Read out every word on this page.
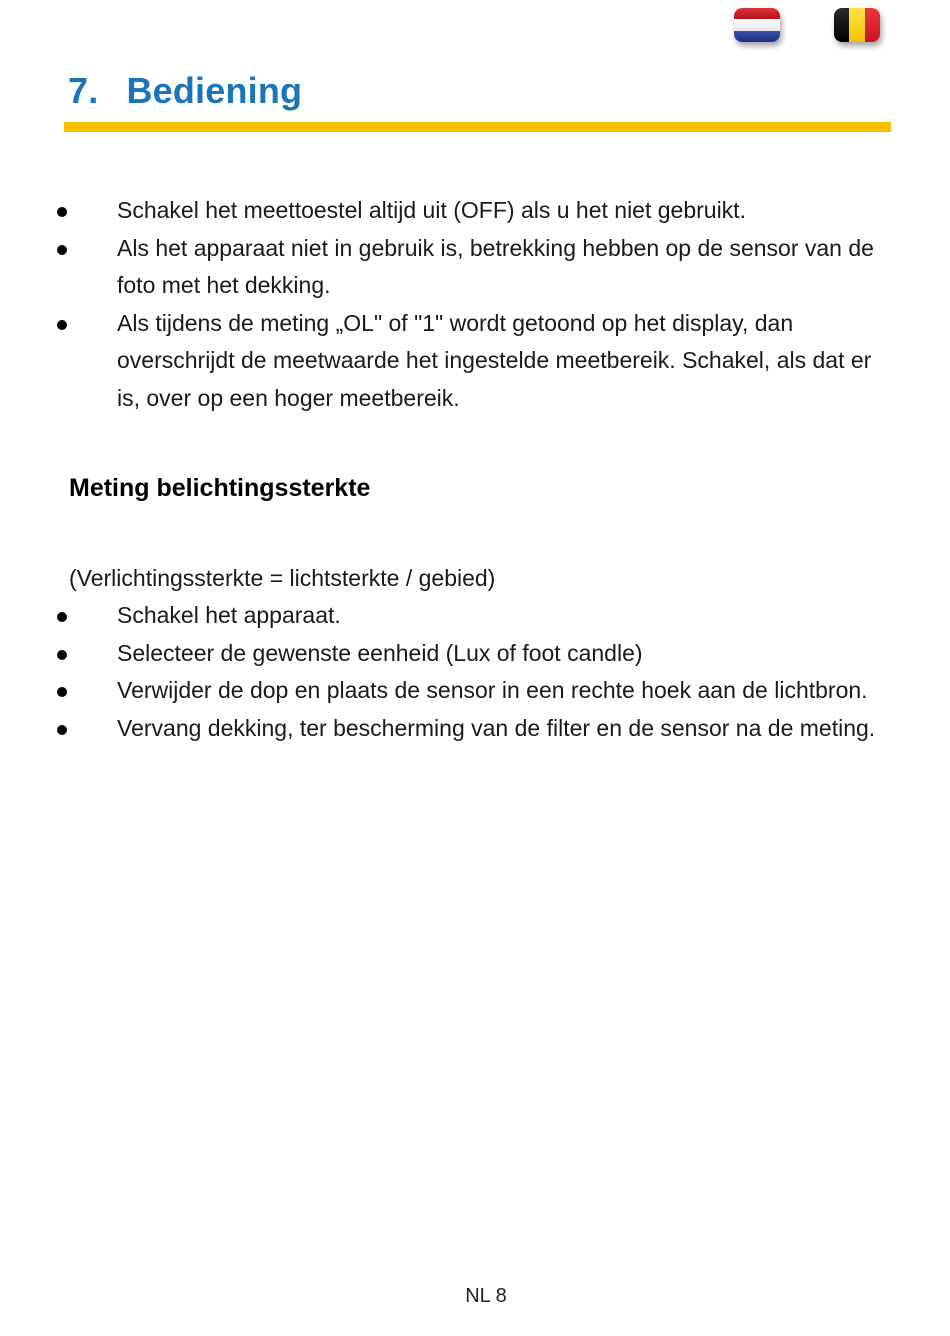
7. Bediening
Schakel het meettoestel altijd uit (OFF) als u het niet gebruikt.
Als het apparaat niet in gebruik is, betrekking hebben op de sensor van de foto met het dekking.
Als tijdens de meting „OL" of "1" wordt getoond op het display, dan overschrijdt de meetwaarde het ingestelde meetbereik. Schakel, als dat er is, over op een hoger meetbereik.
Meting belichtingssterkte

(Verlichtingssterkte = lichtsterkte / gebied)

Schakel het apparaat.
Selecteer de gewenste eenheid (Lux of foot candle)
Verwijder de dop en plaats de sensor in een rechte hoek aan de lichtbron.
Vervang dekking, ter bescherming van de filter en de sensor na de meting.
NL 8
